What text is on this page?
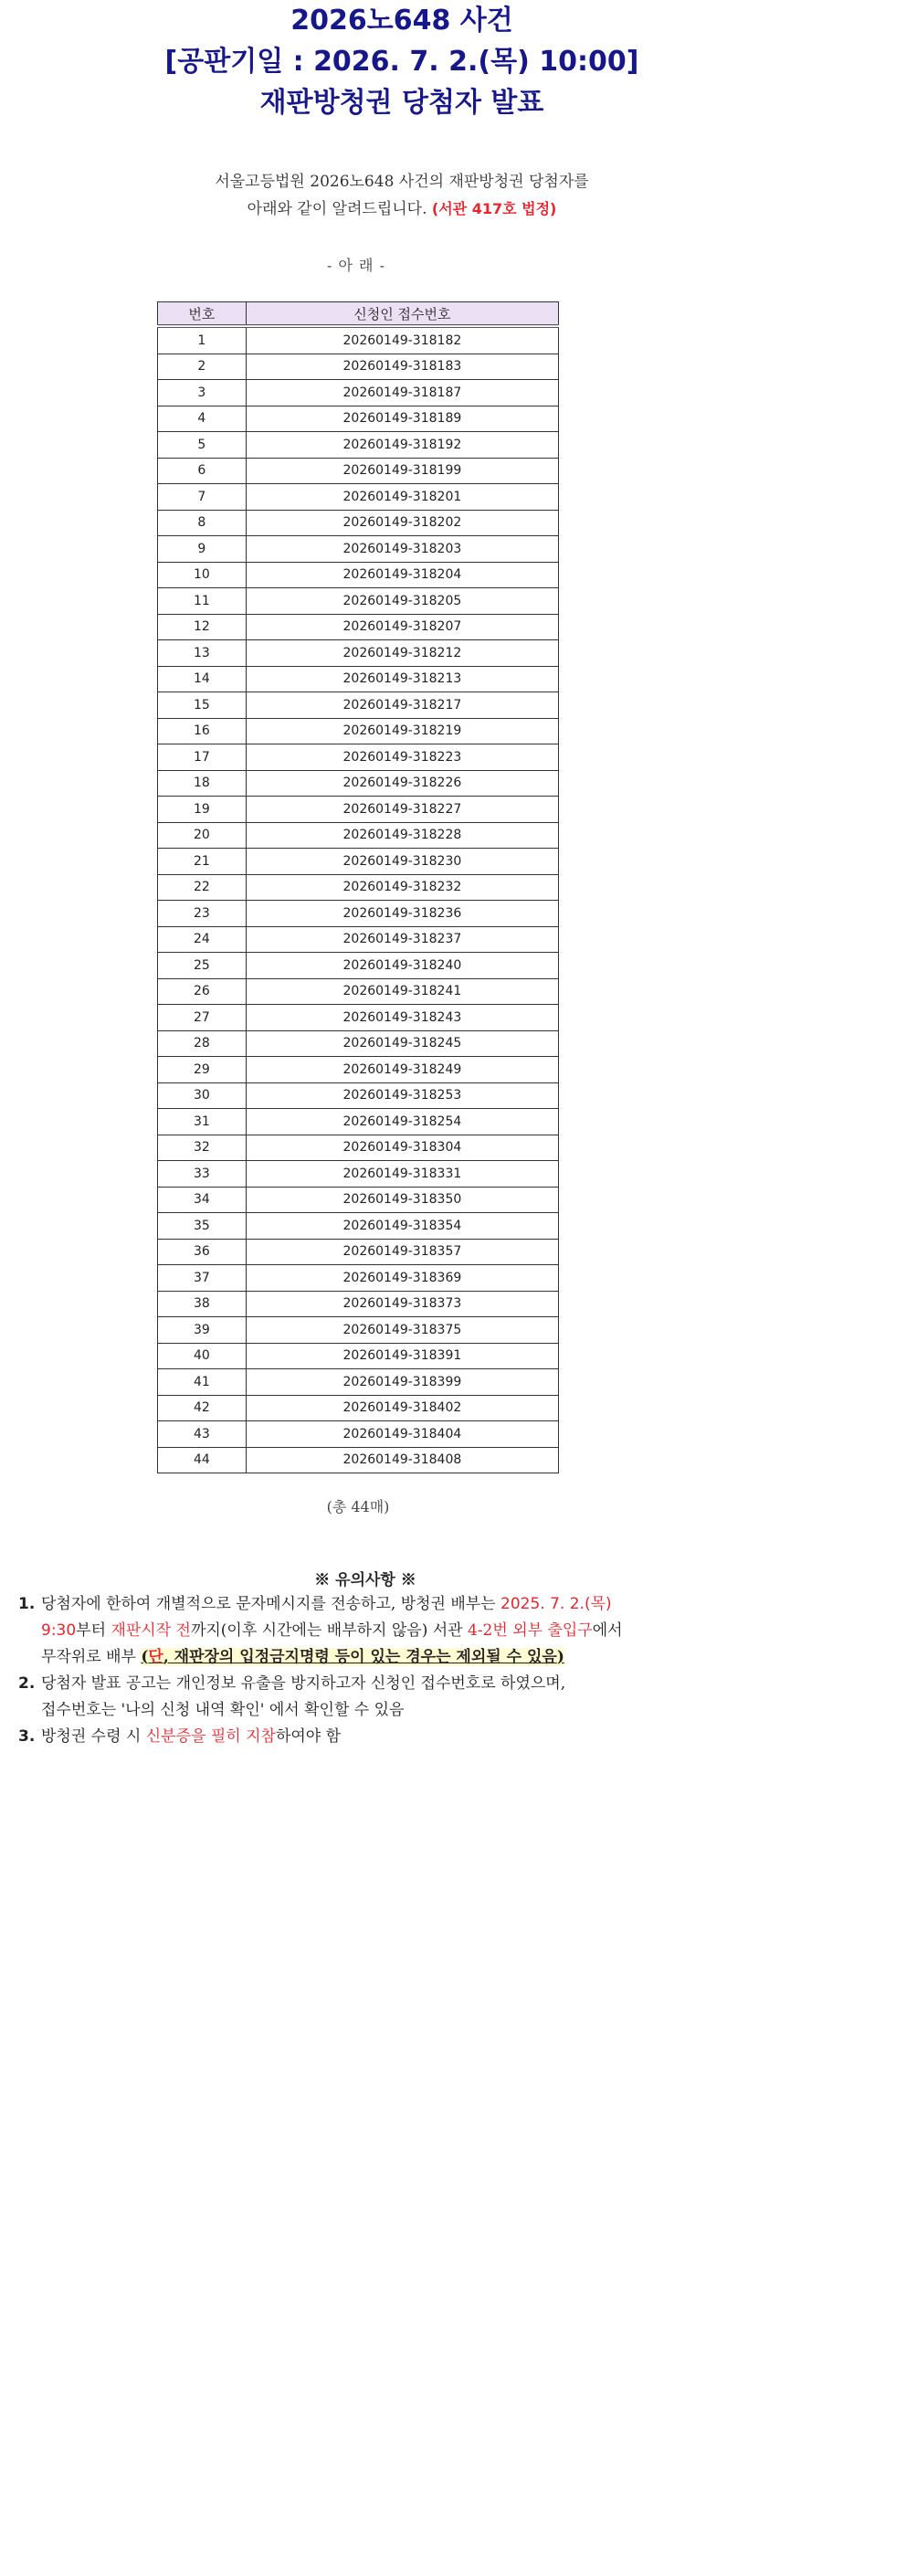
2026노648 사건
[공판기일 : 2026. 7. 2.(목) 10:00]
재판방청권 당첨자 발표
서울고등법원 2026노648 사건의 재판방청권 당첨자를
아래와 같이 알려드립니다. (서관 417호 법정)
- 아 래 -
번호	신청인 접수번호
1	20260149-318182
2	20260149-318183
3	20260149-318187
4	20260149-318189
5	20260149-318192
6	20260149-318199
7	20260149-318201
8	20260149-318202
9	20260149-318203
10	20260149-318204
11	20260149-318205
12	20260149-318207
13	20260149-318212
14	20260149-318213
15	20260149-318217
16	20260149-318219
17	20260149-318223
18	20260149-318226
19	20260149-318227
20	20260149-318228
21	20260149-318230
22	20260149-318232
23	20260149-318236
24	20260149-318237
25	20260149-318240
26	20260149-318241
27	20260149-318243
28	20260149-318245
29	20260149-318249
30	20260149-318253
31	20260149-318254
32	20260149-318304
33	20260149-318331
34	20260149-318350
35	20260149-318354
36	20260149-318357
37	20260149-318369
38	20260149-318373
39	20260149-318375
40	20260149-318391
41	20260149-318399
42	20260149-318402
43	20260149-318404
44	20260149-318408
(총 44매)
※ 유의사항 ※
1. 당첨자에 한하여 개별적으로 문자메시지를 전송하고, 방청권 배부는 2025. 7. 2.(목)
9:30부터 재판시작 전까지(이후 시간에는 배부하지 않음) 서관 4-2번 외부 출입구에서
무작위로 배부 (단, 재판장의 입정금지명령 등이 있는 경우는 제외될 수 있음)
2. 당첨자 발표 공고는 개인정보 유출을 방지하고자 신청인 접수번호로 하였으며,
접수번호는 '나의 신청 내역 확인' 에서 확인할 수 있음
3. 방청권 수령 시 신분증을 필히 지참하여야 함
